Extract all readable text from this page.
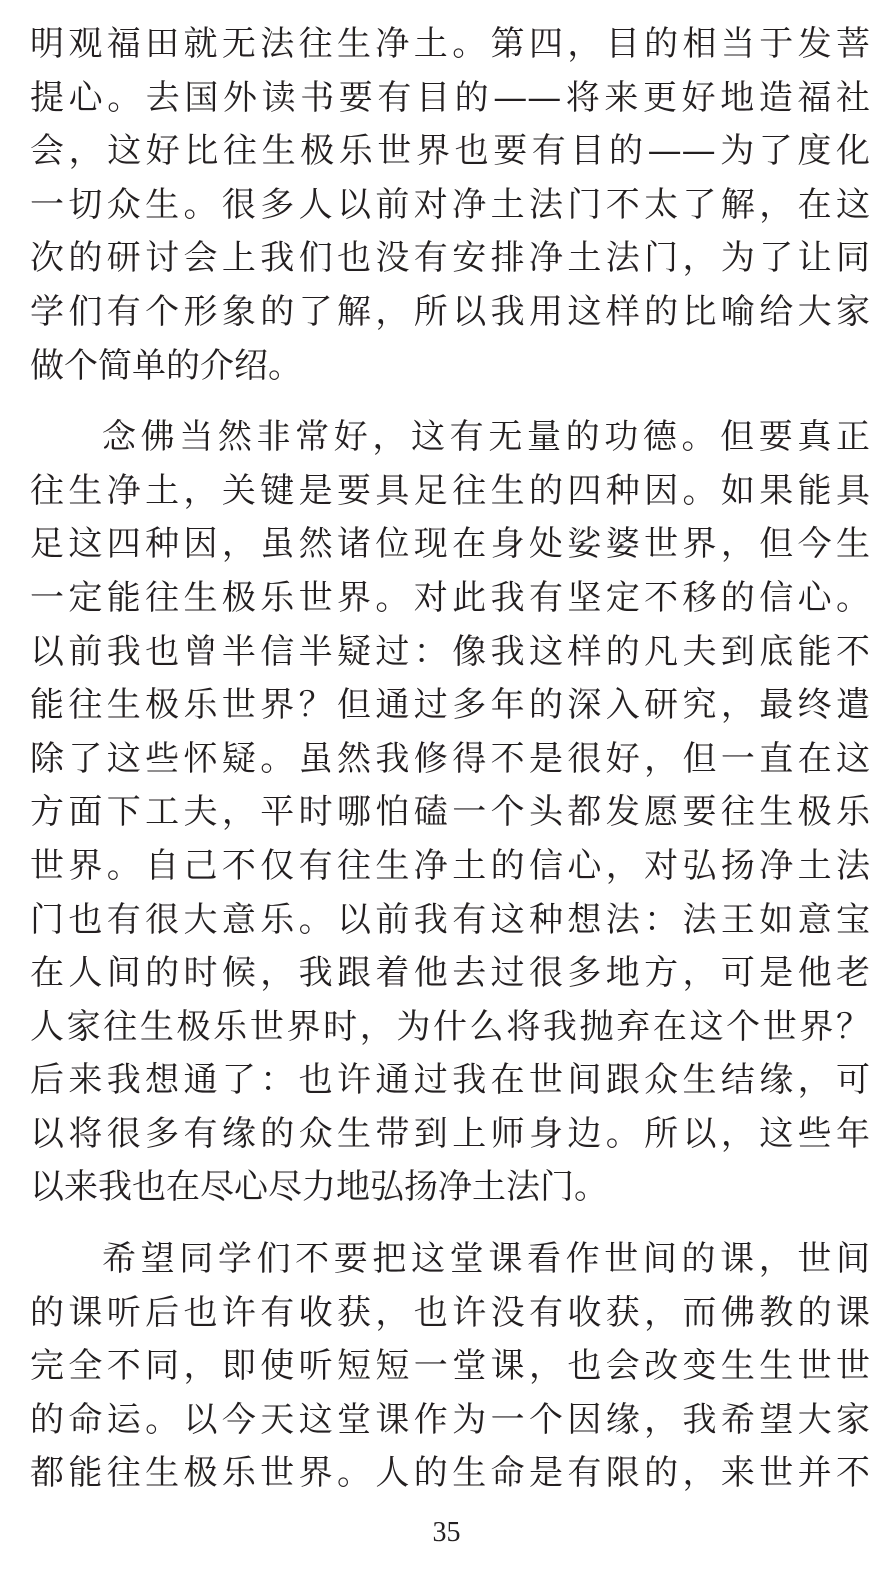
明观福田就无法往生净土。第四，目的相当于发菩
提心。去国外读书要有目的——将来更好地造福社
会，这好比往生极乐世界也要有目的——为了度化
一切众生。很多人以前对净土法门不太了解，在这
次的研讨会上我们也没有安排净土法门，为了让同
学们有个形象的了解，所以我用这样的比喻给大家
做个简单的介绍。
念佛当然非常好，这有无量的功德。但要真正
往生净土，关键是要具足往生的四种因。如果能具
足这四种因，虽然诸位现在身处娑婆世界，但今生
一定能往生极乐世界。对此我有坚定不移的信心。
以前我也曾半信半疑过：像我这样的凡夫到底能不
能往生极乐世界？但通过多年的深入研究，最终遣
除了这些怀疑。虽然我修得不是很好，但一直在这
方面下工夫，平时哪怕磕一个头都发愿要往生极乐
世界。自己不仅有往生净土的信心，对弘扬净土法
门也有很大意乐。以前我有这种想法：法王如意宝
在人间的时候，我跟着他去过很多地方，可是他老
人家往生极乐世界时，为什么将我抛弃在这个世界？
后来我想通了：也许通过我在世间跟众生结缘，可
以将很多有缘的众生带到上师身边。所以，这些年
以来我也在尽心尽力地弘扬净土法门。
希望同学们不要把这堂课看作世间的课，世间
的课听后也许有收获，也许没有收获，而佛教的课
完全不同，即使听短短一堂课，也会改变生生世世
的命运。以今天这堂课作为一个因缘，我希望大家
都能往生极乐世界。人的生命是有限的，来世并不
35
